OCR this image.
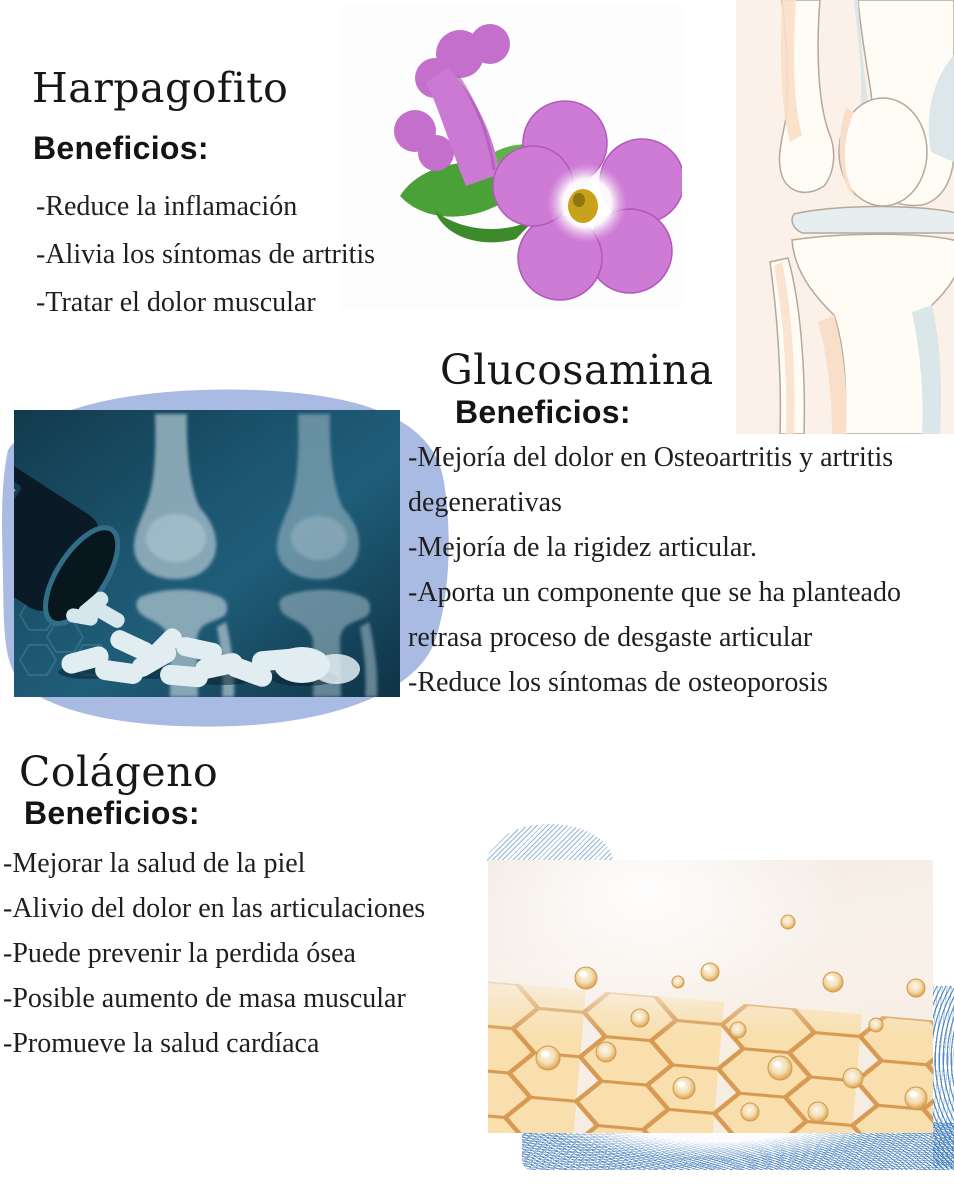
Harpagofito
Beneficios:
-Reduce la inflamación
-Alivia los síntomas de artritis
-Tratar el dolor muscular
Glucosamina
Beneficios:
-Mejoría del dolor en Osteoartritis y artritis degenerativas
-Mejoría de la rigidez articular.
-Aporta un componente que se ha planteado retrasa proceso de desgaste articular
-Reduce los síntomas de osteoporosis
Colágeno
Beneficios:
-Mejorar la salud de la piel
-Alivio del dolor en las articulaciones
-Puede prevenir la perdida ósea
-Posible aumento de masa muscular
-Promueve la salud cardíaca
